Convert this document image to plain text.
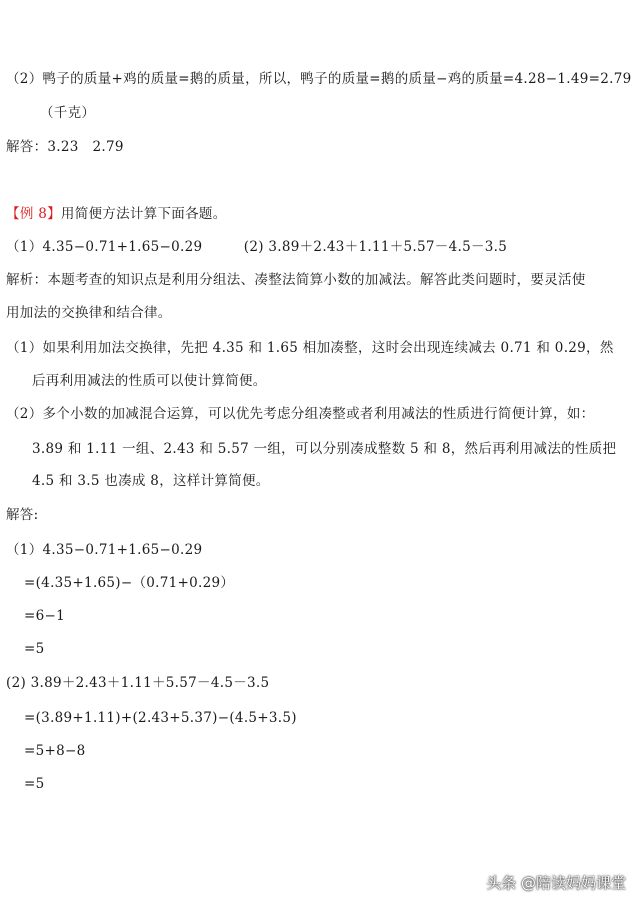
（2）鸭子的质量+鸡的质量=鹅的质量，所以，鸭子的质量=鹅的质量−鸡的质量=4.28−1.49=2.79
（千克）
解答：3.23　2.79
【例 8】用简便方法计算下面各题。
（1）4.35−0.71+1.65−0.29　　　(2) 3.89＋2.43＋1.11＋5.57－4.5－3.5
解析：本题考查的知识点是利用分组法、凑整法简算小数的加减法。解答此类问题时，要灵活使
用加法的交换律和结合律。
（1）如果利用加法交换律，先把 4.35 和 1.65 相加凑整，这时会出现连续减去 0.71 和 0.29，然
后再利用减法的性质可以使计算简便。
（2）多个小数的加减混合运算，可以优先考虑分组凑整或者利用减法的性质进行简便计算，如：
3.89 和 1.11 一组、2.43 和 5.57 一组，可以分别凑成整数 5 和 8，然后再利用减法的性质把
4.5 和 3.5 也凑成 8，这样计算简便。
解答:
（1）4.35−0.71+1.65−0.29
=(4.35+1.65)−（0.71+0.29）
=6−1
=5
(2) 3.89＋2.43＋1.11＋5.57－4.5－3.5
=(3.89+1.11)+(2.43+5.37)−(4.5+3.5)
=5+8−8
=5
头条 @陪读妈妈课堂
